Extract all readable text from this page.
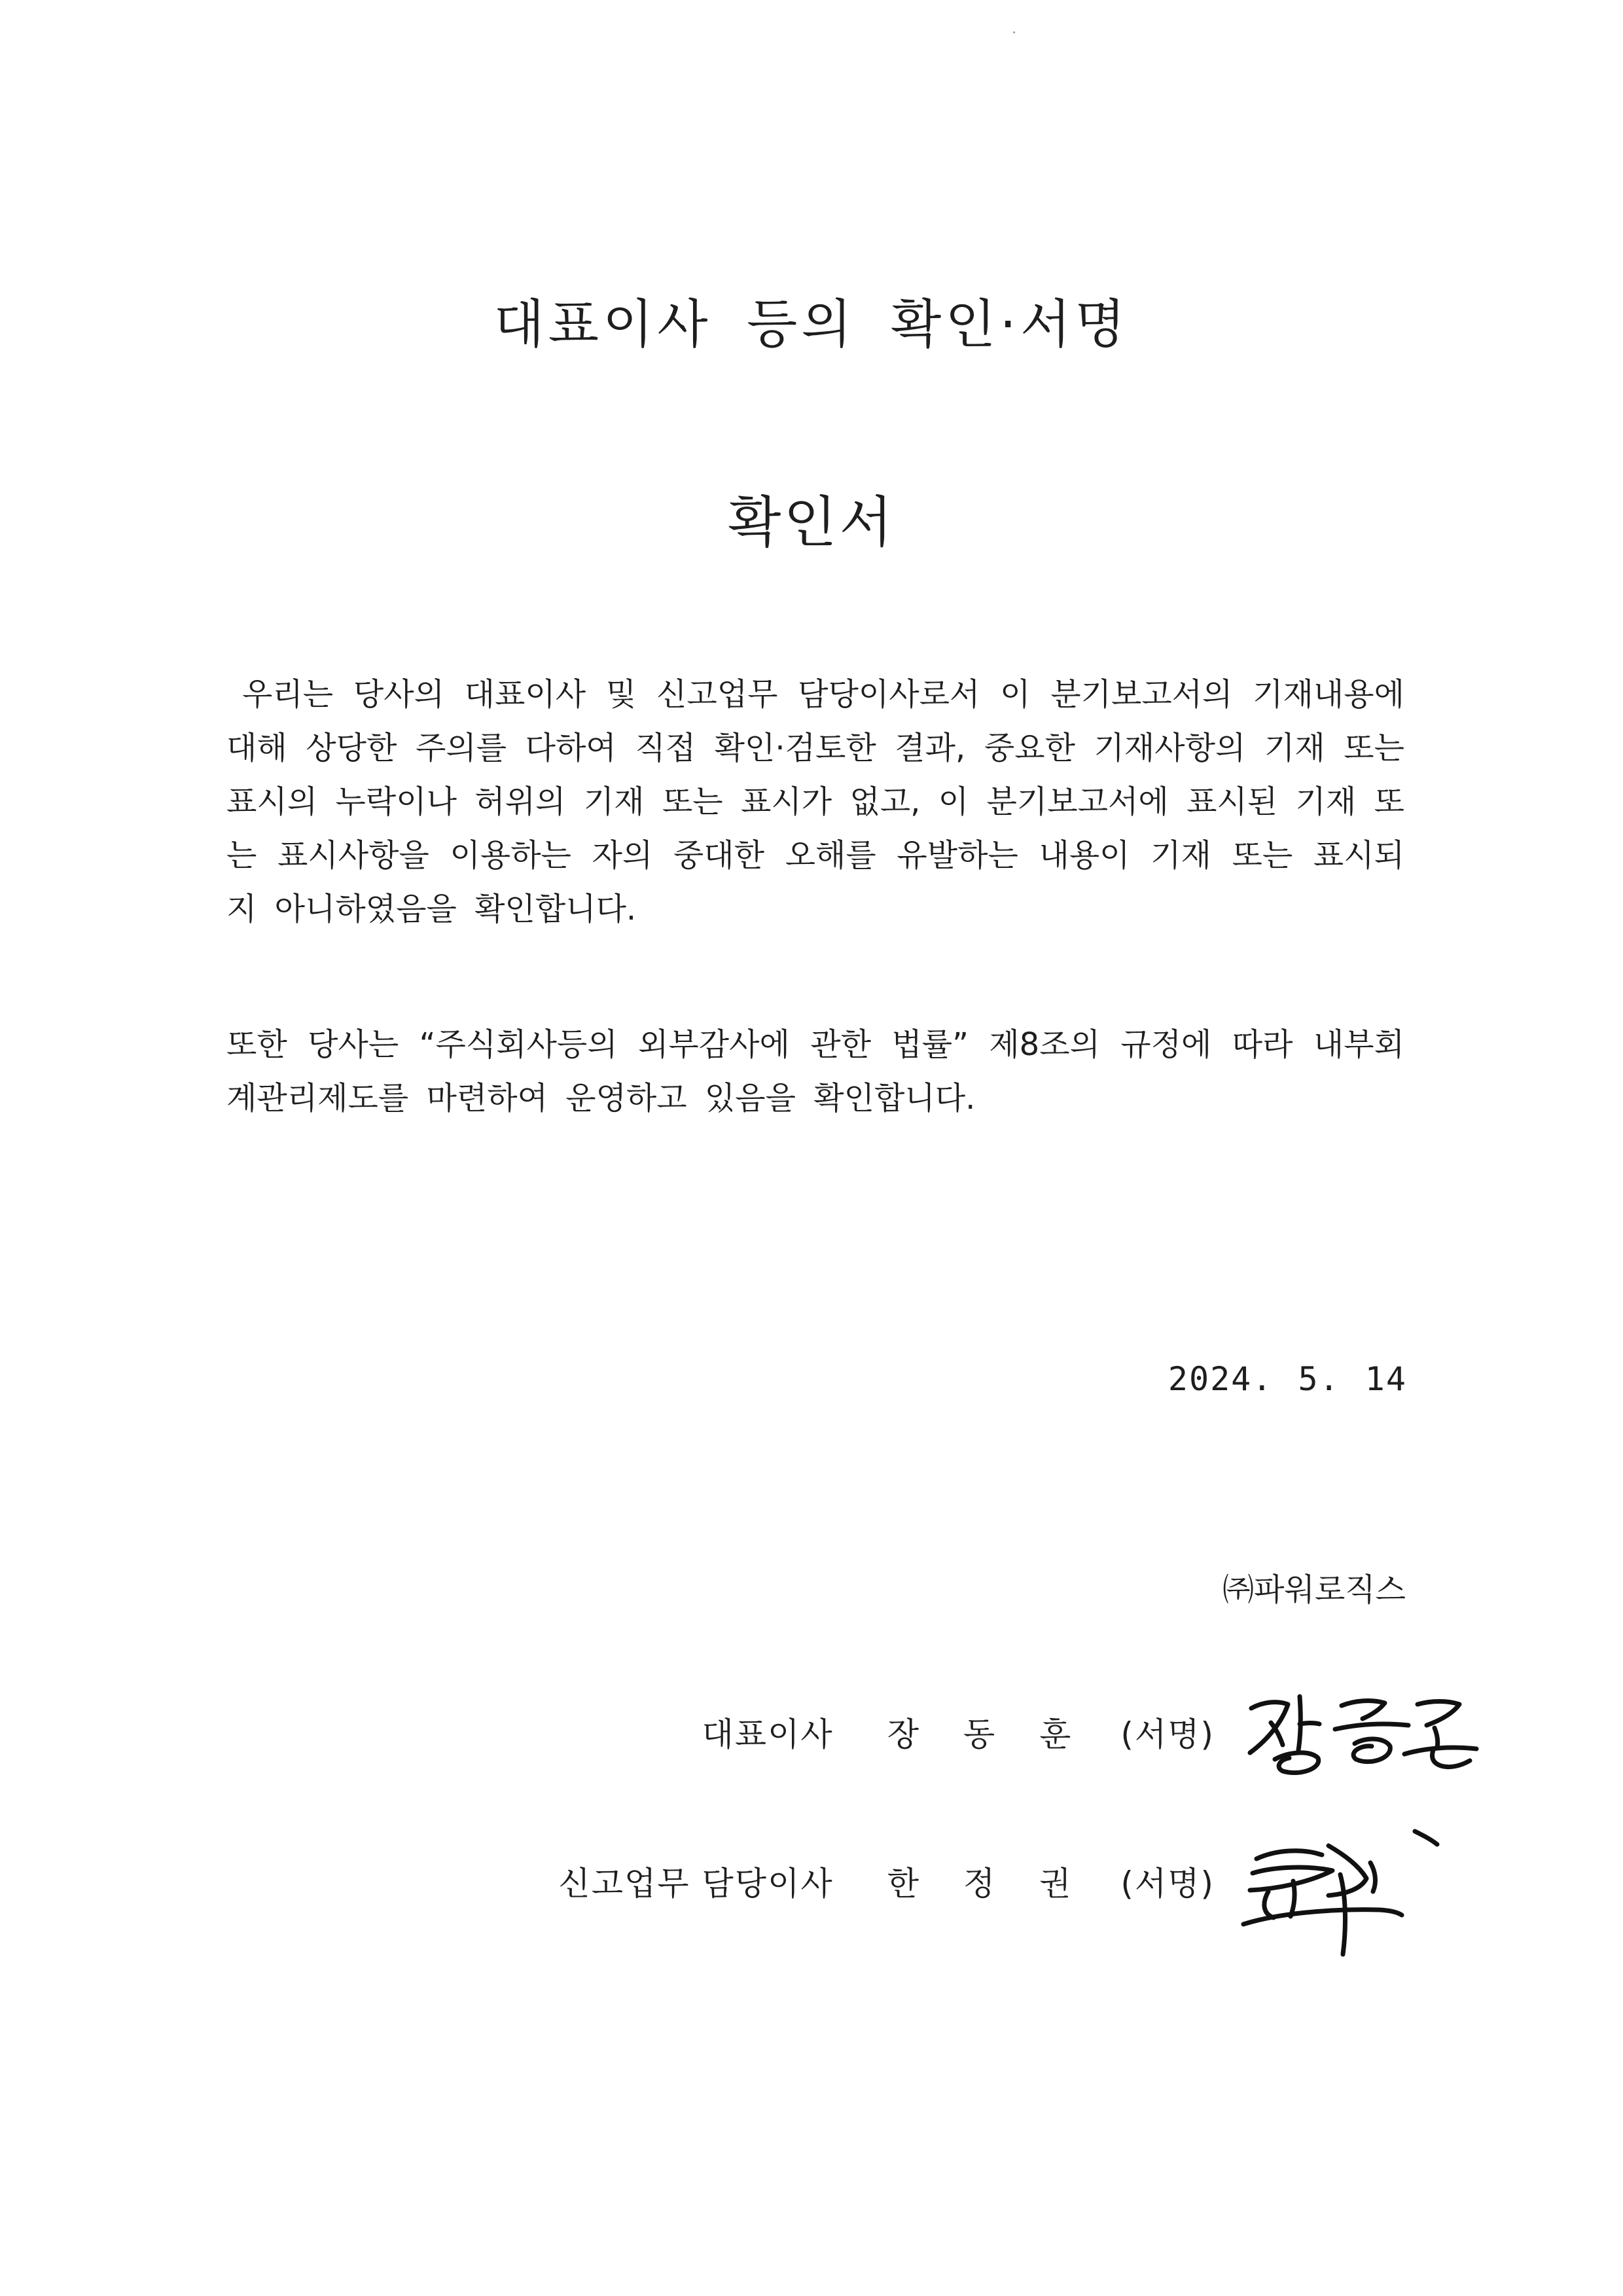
대표이사 등의 확인·서명
확인서

우리는 당사의 대표이사 및 신고업무 담당이사로서 이 분기보고서의 기재내용에 대해 상당한 주의를 다하여 직접 확인·검토한 결과, 중요한 기재사항의 기재 또는 표시의 누락이나 허위의 기재 또는 표시가 없고, 이 분기보고서에 표시된 기재 또는 표시사항을 이용하는 자의 중대한 오해를 유발하는 내용이 기재 또는 표시되지 아니하였음을 확인합니다.

또한 당사는 “주식회사등의 외부감사에 관한 법률” 제8조의 규정에 따라 내부회계관리제도를 마련하여 운영하고 있음을 확인합니다.

2024. 5. 14

㈜파워로직스

대표이사 장 동 훈 (서명)
신고업무 담당이사 한 정 권 (서명)
